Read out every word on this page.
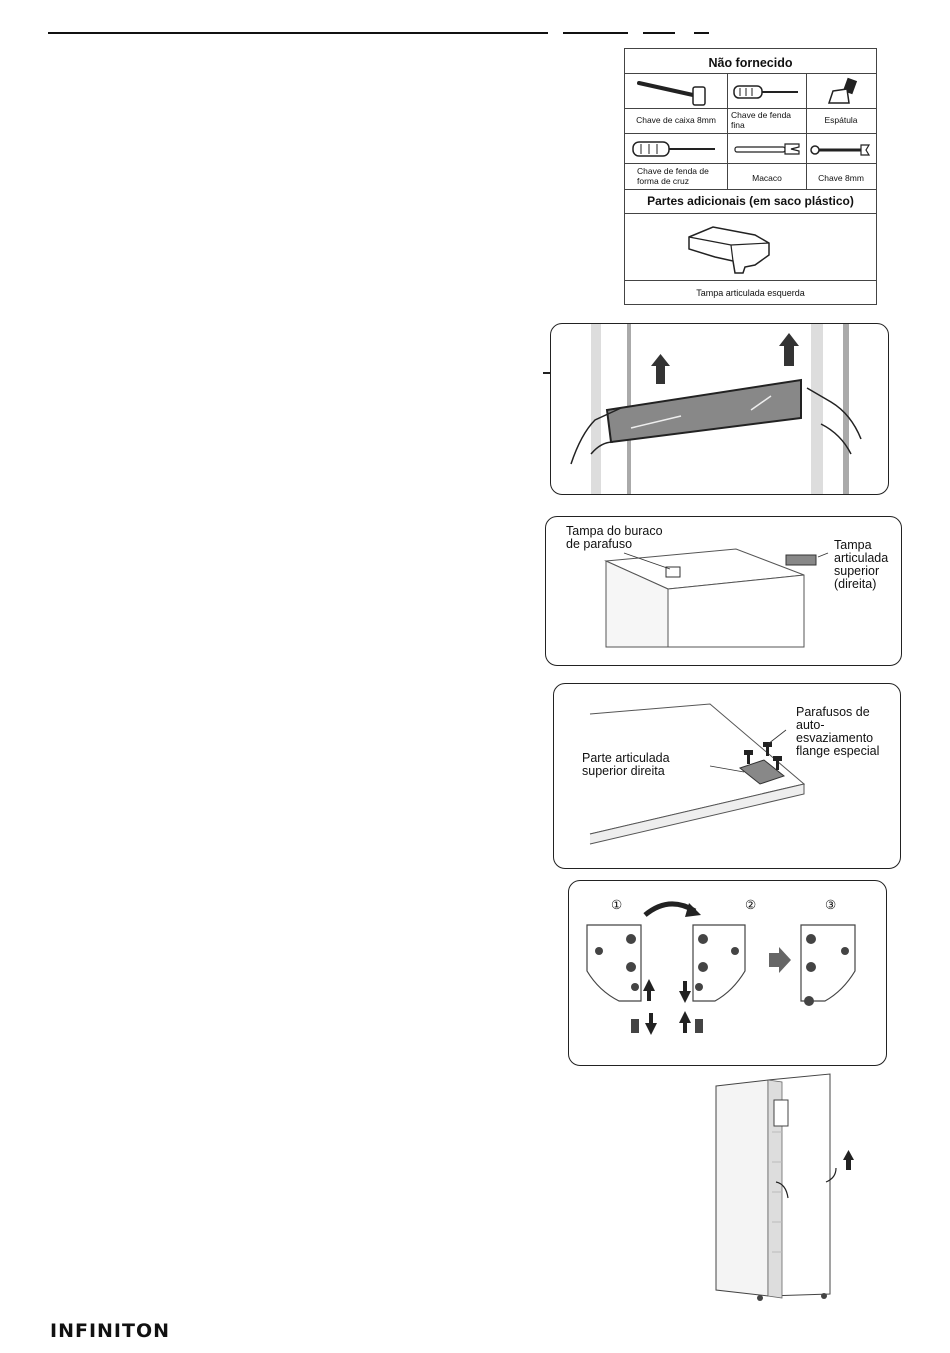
Não fornecido
Chave de caixa 8mm	Chave de fenda fina	Espátula
Chave de fenda de forma de cruz	Macaco	Chave 8mm
Partes adicionais (em saco plástico)
Tampa articulada esquerda
Tampa do buraco de parafuso	Tampa articulada superior (direita)
Parafusos de auto-esvaziamento flange especial
Parte articulada superior direita
①	②	③
INFINITON
